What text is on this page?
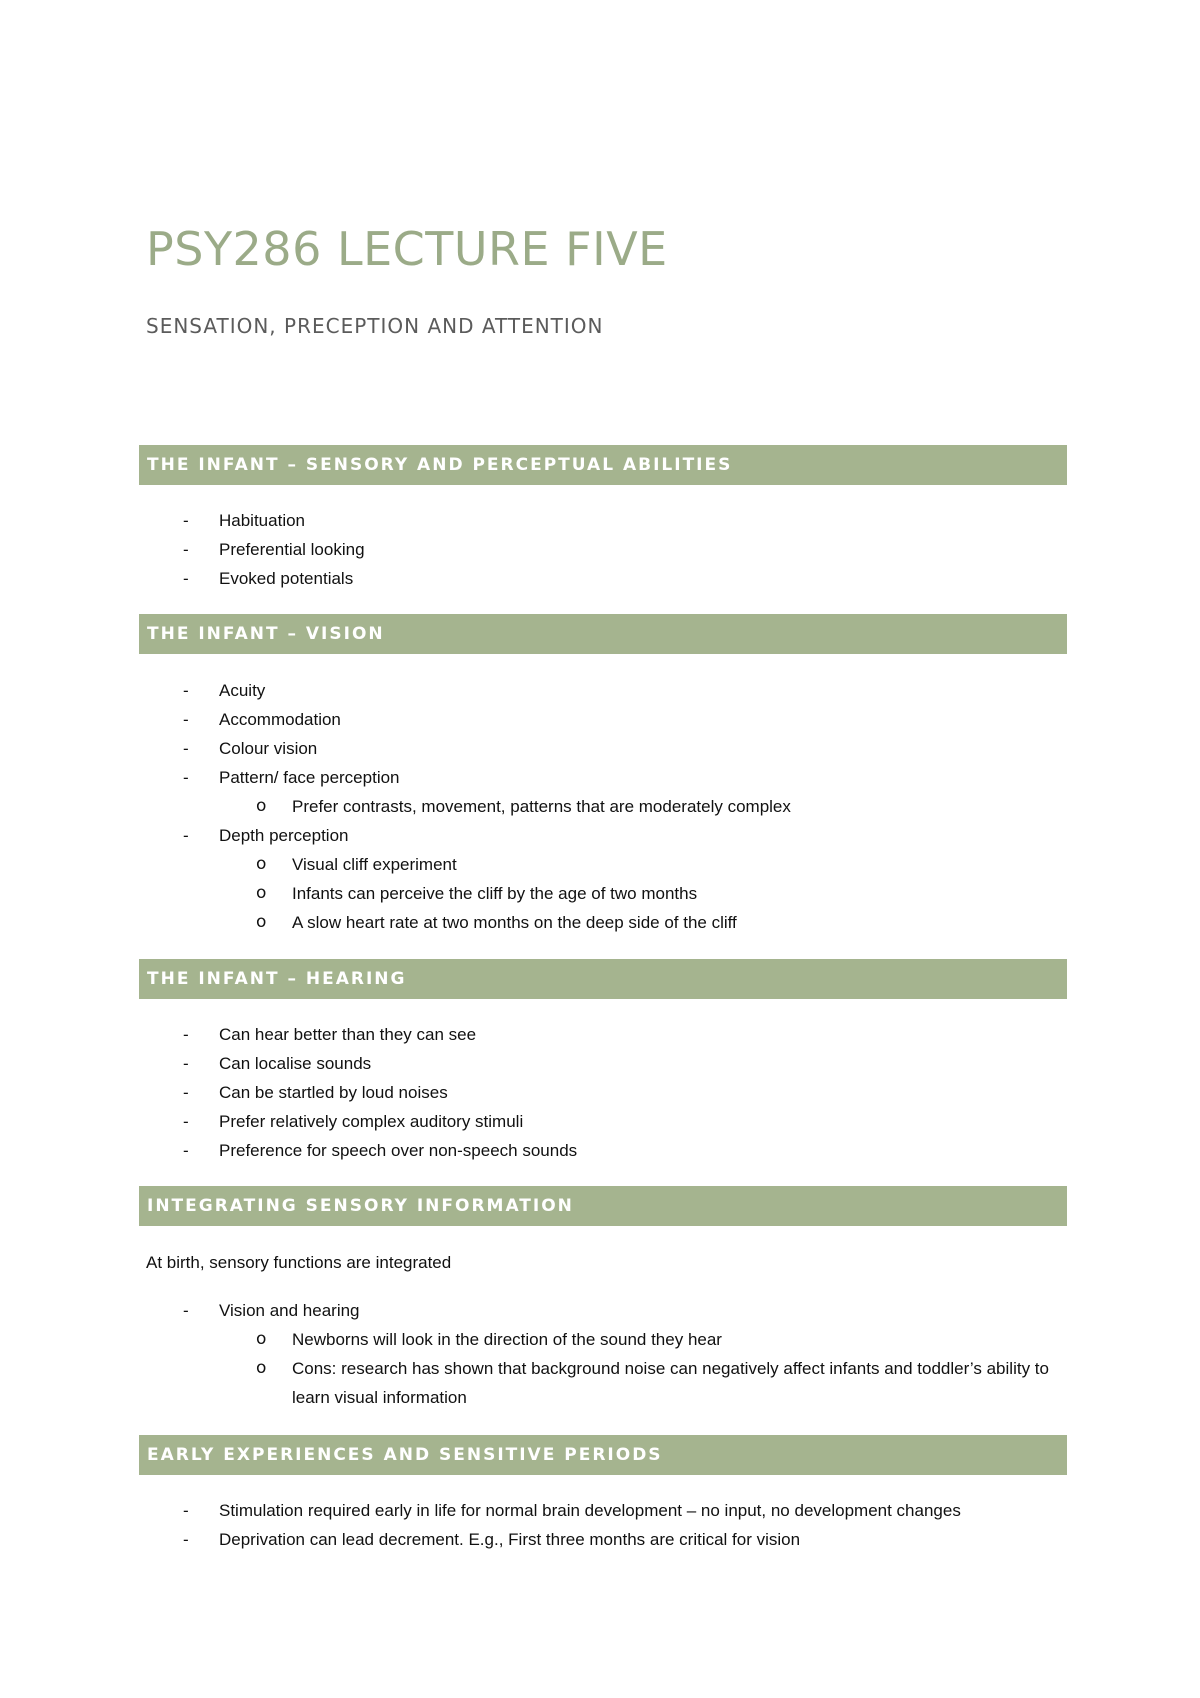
PSY286 LECTURE FIVE
SENSATION, PRECEPTION AND ATTENTION
THE INFANT – SENSORY AND PERCEPTUAL ABILITIES
- Habituation
- Preferential looking
- Evoked potentials
THE INFANT – VISION
- Acuity
- Accommodation
- Colour vision
- Pattern/ face perception
o Prefer contrasts, movement, patterns that are moderately complex
- Depth perception
o Visual cliff experiment
o Infants can perceive the cliff by the age of two months
o A slow heart rate at two months on the deep side of the cliff
THE INFANT – HEARING
- Can hear better than they can see
- Can localise sounds
- Can be startled by loud noises
- Prefer relatively complex auditory stimuli
- Preference for speech over non-speech sounds
INTEGRATING SENSORY INFORMATION
At birth, sensory functions are integrated
- Vision and hearing
o Newborns will look in the direction of the sound they hear
o Cons: research has shown that background noise can negatively affect infants and toddler’s ability to learn visual information
EARLY EXPERIENCES AND SENSITIVE PERIODS
- Stimulation required early in life for normal brain development – no input, no development changes
- Deprivation can lead decrement. E.g., First three months are critical for vision
